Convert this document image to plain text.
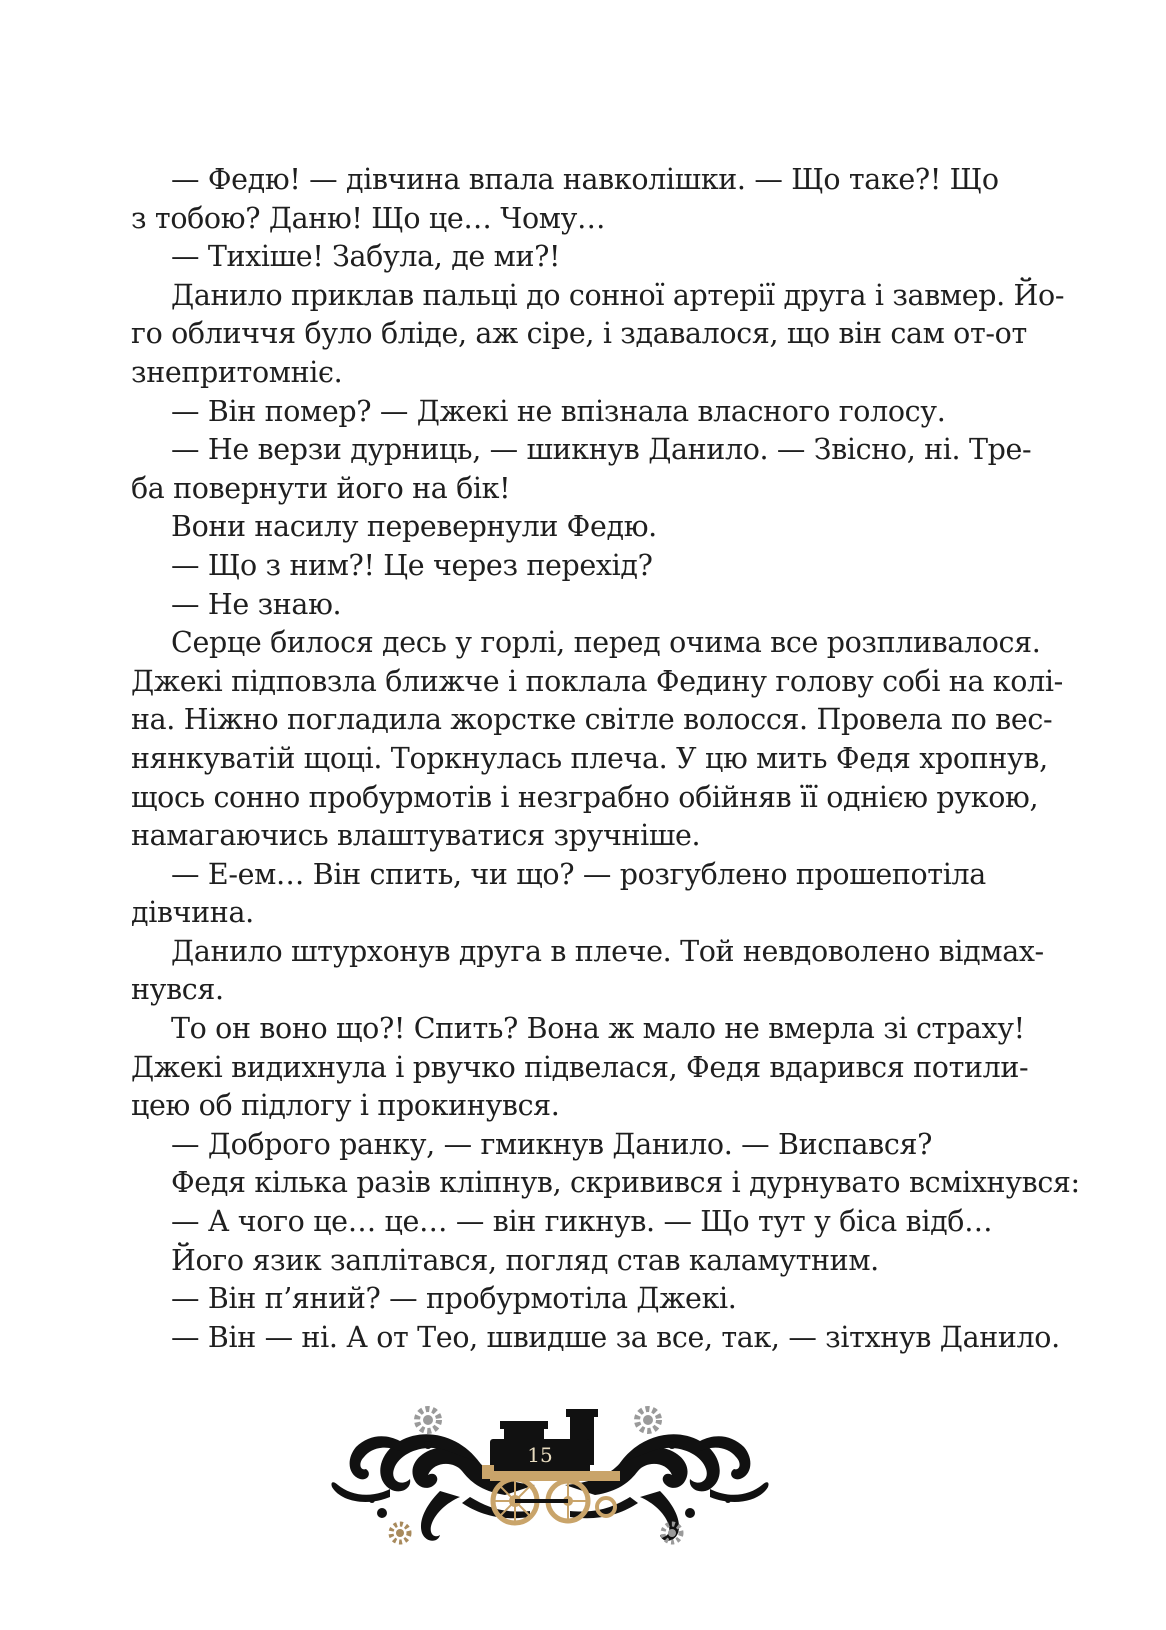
— Федю! — дівчина впала навколішки. — Що таке?! Що
з тобою? Даню! Що це… Чому…
— Тихіше! Забула, де ми?!
Данило приклав пальці до сонної артерії друга і завмер. Йо-
го обличчя було бліде, аж сіре, і здавалося, що він сам от-от
знепритомніє.
— Він помер? — Джекі не впізнала власного голосу.
— Не верзи дурниць, — шикнув Данило. — Звісно, ні. Тре-
ба повернути його на бік!
Вони насилу перевернули Федю.
— Що з ним?! Це через перехід?
— Не знаю.
Серце билося десь у горлі, перед очима все розпливалося.
Джекі підповзла ближче і поклала Федину голову собі на колі-
на. Ніжно погладила жорстке світле волосся. Провела по вес-
нянкуватій щоці. Торкнулась плеча. У цю мить Федя хропнув,
щось сонно пробурмотів і незграбно обійняв її однією рукою,
намагаючись влаштуватися зручніше.
— Е-ем… Він спить, чи що? — розгублено прошепотіла
дівчина.
Данило штурхонув друга в плече. Той невдоволено відмах-
нувся.
То он воно що?! Спить? Вона ж мало не вмерла зі страху!
Джекі видихнула і рвучко підвелася, Федя вдарився потили-
цею об підлогу і прокинувся.
— Доброго ранку, — гмикнув Данило. — Виспався?
Федя кілька разів кліпнув, скривився і дурнувато всміхнувся:
— А чого це… це… — він гикнув. — Що тут у біса відб…
Його язик заплітався, погляд став каламутним.
— Він п’яний? — пробурмотіла Джекі.
— Він — ні. А от Тео, швидше за все, так, — зітхнув Данило.
15
